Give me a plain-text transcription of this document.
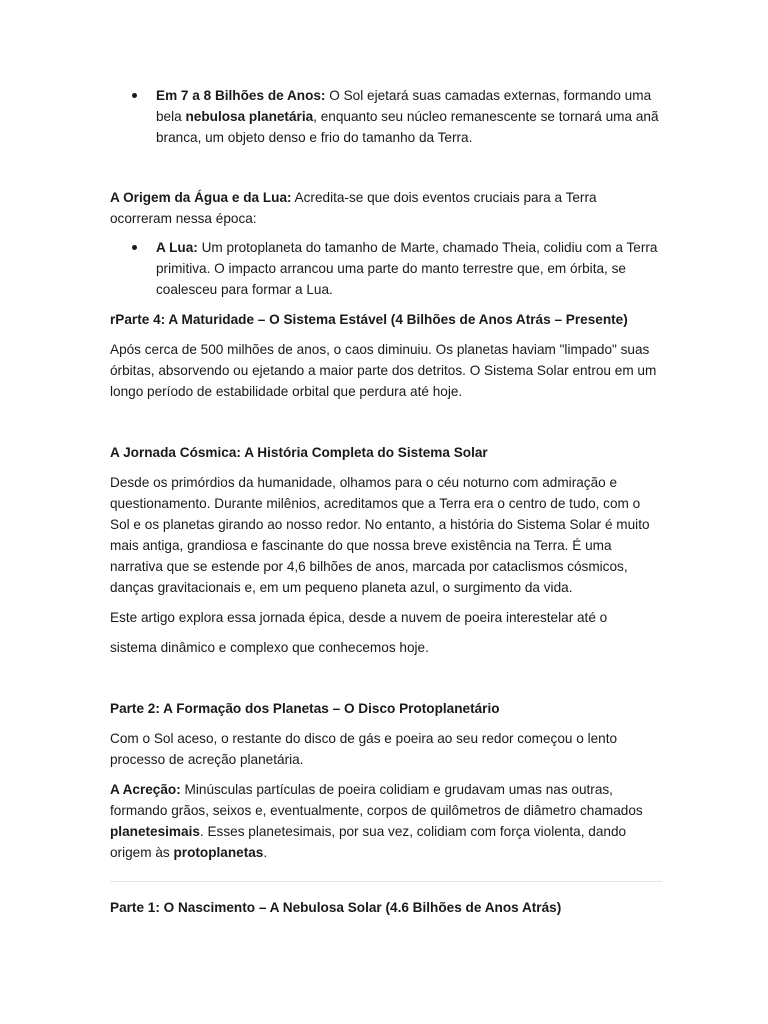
Em 7 a 8 Bilhões de Anos: O Sol ejetará suas camadas externas, formando uma bela nebulosa planetária, enquanto seu núcleo remanescente se tornará uma anã branca, um objeto denso e frio do tamanho da Terra.

A Origem da Água e da Lua: Acredita-se que dois eventos cruciais para a Terra ocorreram nessa época:

A Lua: Um protoplaneta do tamanho de Marte, chamado Theia, colidiu com a Terra primitiva. O impacto arrancou uma parte do manto terrestre que, em órbita, se coalesceu para formar a Lua.

rParte 4: A Maturidade – O Sistema Estável (4 Bilhões de Anos Atrás – Presente)

Após cerca de 500 milhões de anos, o caos diminuiu. Os planetas haviam "limpado" suas órbitas, absorvendo ou ejetando a maior parte dos detritos. O Sistema Solar entrou em um longo período de estabilidade orbital que perdura até hoje.

A Jornada Cósmica: A História Completa do Sistema Solar

Desde os primórdios da humanidade, olhamos para o céu noturno com admiração e questionamento. Durante milênios, acreditamos que a Terra era o centro de tudo, com o Sol e os planetas girando ao nosso redor. No entanto, a história do Sistema Solar é muito mais antiga, grandiosa e fascinante do que nossa breve existência na Terra. É uma narrativa que se estende por 4,6 bilhões de anos, marcada por cataclismos cósmicos, danças gravitacionais e, em um pequeno planeta azul, o surgimento da vida.

Este artigo explora essa jornada épica, desde a nuvem de poeira interestelar até o

sistema dinâmico e complexo que conhecemos hoje.

Parte 2: A Formação dos Planetas – O Disco Protoplanetário

Com o Sol aceso, o restante do disco de gás e poeira ao seu redor começou o lento processo de acreção planetária.

A Acreção: Minúsculas partículas de poeira colidiam e grudavam umas nas outras, formando grãos, seixos e, eventualmente, corpos de quilômetros de diâmetro chamados planetesimais. Esses planetesimais, por sua vez, colidiam com força violenta, dando origem às protoplanetas.

Parte 1: O Nascimento – A Nebulosa Solar (4.6 Bilhões de Anos Atrás)
